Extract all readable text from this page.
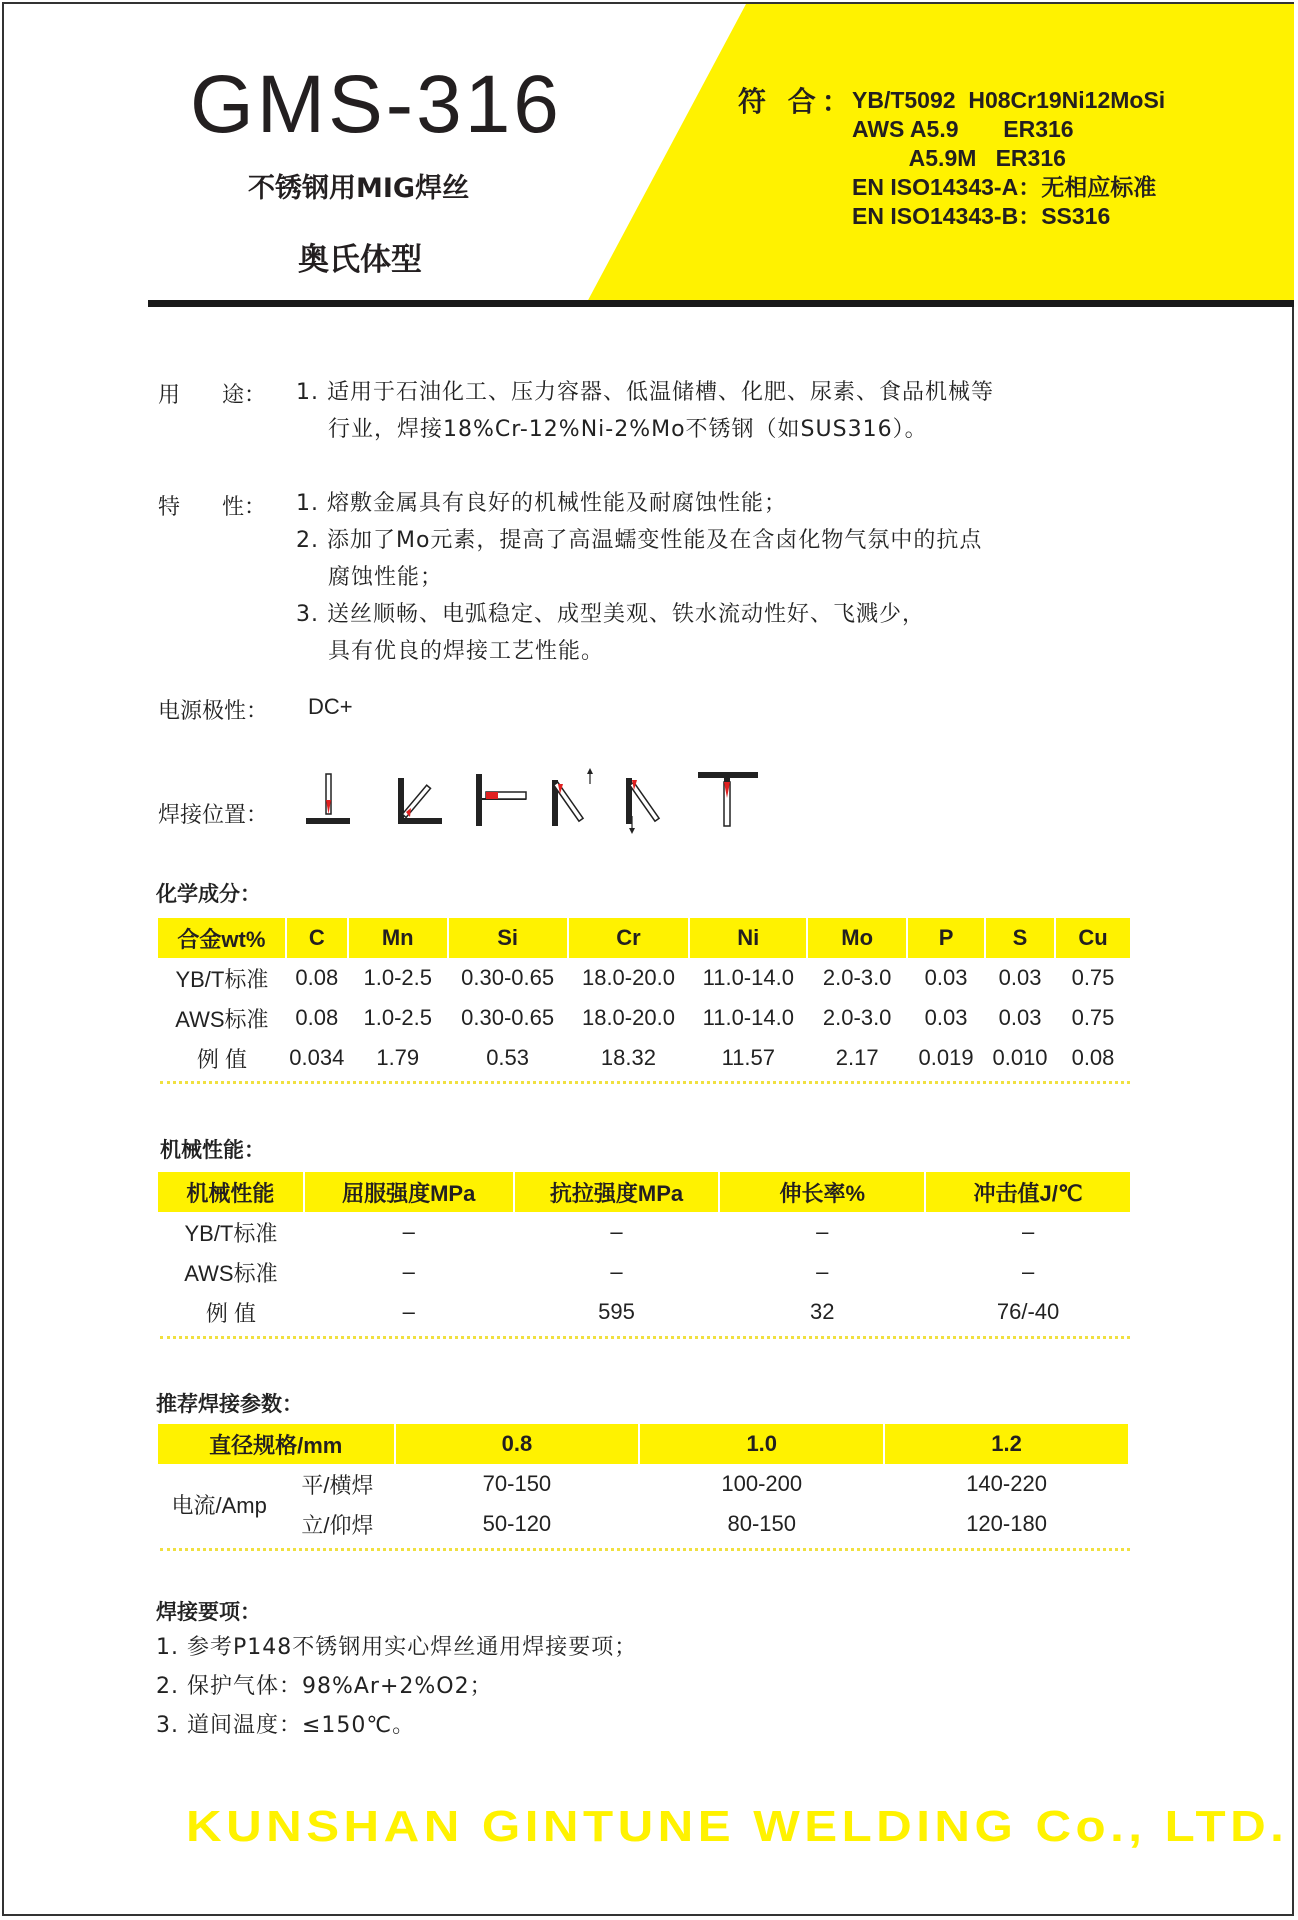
GMS-316
不锈钢用MIG焊丝
奥氏体型
符 合：
YB/T5092  H08Cr19Ni12MoSi
AWS A5.9       ER316
A5.9M   ER316
EN ISO14343-A：无相应标准
EN ISO14343-B：SS316
用      途： 1. 适用于石油化工、压力容器、低温储槽、化肥、尿素、食品机械等
行业，焊接18%Cr-12%Ni-2%Mo不锈钢（如SUS316）。
特      性： 1. 熔敷金属具有良好的机械性能及耐腐蚀性能；
2. 添加了Mo元素，提高了高温蠕变性能及在含卤化物气氛中的抗点
腐蚀性能；
3. 送丝顺畅、电弧稳定、成型美观、铁水流动性好、飞溅少，
具有优良的焊接工艺性能。
电源极性： DC+
焊接位置：
化学成分：
合金wt%	C	Mn	Si	Cr	Ni	Mo	P	S	Cu
YB/T标准	0.08	1.0-2.5	0.30-0.65	18.0-20.0	11.0-14.0	2.0-3.0	0.03	0.03	0.75
AWS标准	0.08	1.0-2.5	0.30-0.65	18.0-20.0	11.0-14.0	2.0-3.0	0.03	0.03	0.75
例 值	0.034	1.79	0.53	18.32	11.57	2.17	0.019	0.010	0.08
机械性能：
机械性能	屈服强度MPa	抗拉强度MPa	伸长率%	冲击值J/℃
YB/T标准	–	–	–	–
AWS标准	–	–	–	–
例 值	–	595	32	76/-40
推荐焊接参数：
直径规格/mm		0.8	1.0	1.2
电流/Amp	平/横焊	70-150	100-200	140-220
	立/仰焊	50-120	80-150	120-180
焊接要项：
1. 参考P148不锈钢用实心焊丝通用焊接要项；
2. 保护气体：98%Ar+2%O2；
3. 道间温度：≤150℃。
KUNSHAN GINTUNE WELDING Co., LTD.
